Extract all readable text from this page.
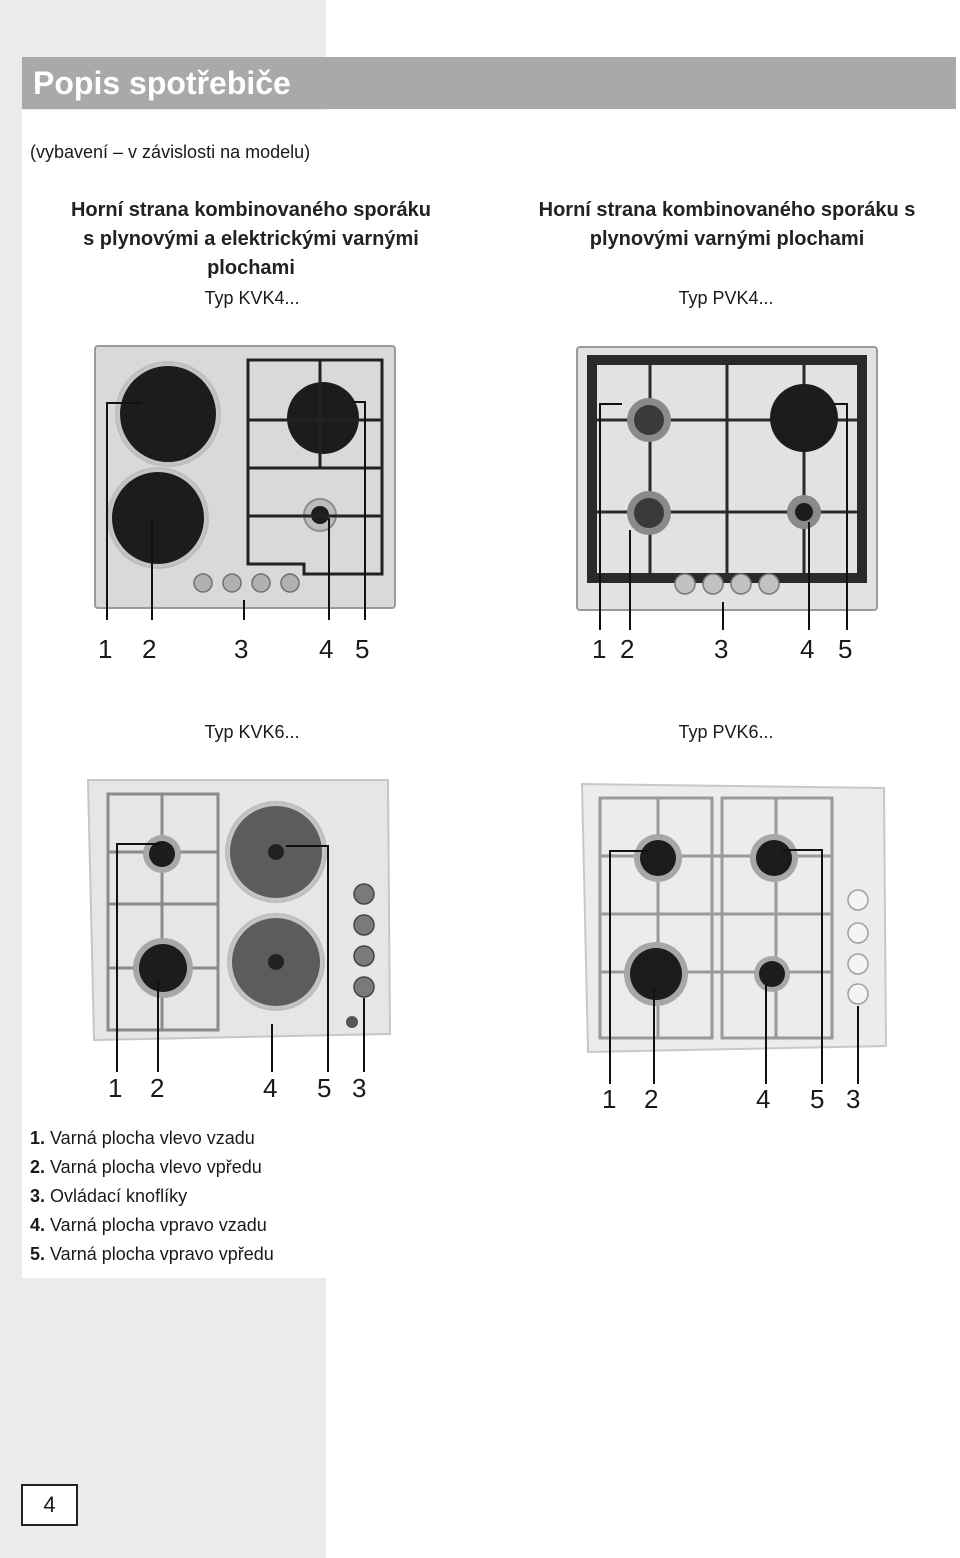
Popis spotřebiče
(vybavení – v závislosti na modelu)
Horní strana kombinovaného sporáku
s plynovými a elektrickými varnými
plochami
Horní strana kombinovaného sporáku s
plynovými varnými plochami
Typ KVK4...	Typ PVK4...
Typ KVK6...	Typ PVK6...
1 2	3	4 5	1 2	3	4 5
1 2	4 5 3	1 2	4 5 3
1. Varná plocha vlevo vzadu
2. Varná plocha vlevo vpředu
3. Ovládací knoflíky
4. Varná plocha vpravo vzadu
5. Varná plocha vpravo vpředu
4
